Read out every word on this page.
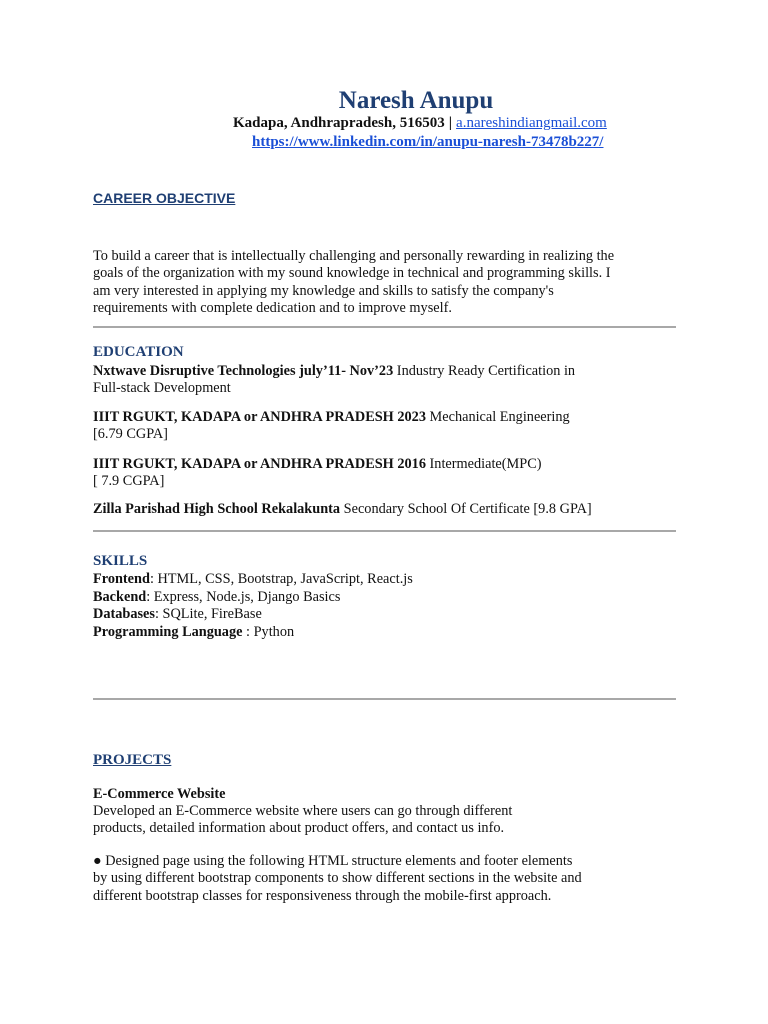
Naresh Anupu
Kadapa, Andhrapradesh, 516503 | a.nareshindiangmail.com
https://www.linkedin.com/in/anupu-naresh-73478b227/
CAREER OBJECTIVE
To build a career that is intellectually challenging and personally rewarding in realizing the
goals of the organization with my sound knowledge in technical and programming skills. I
am very interested in applying my knowledge and skills to satisfy the company's
requirements with complete dedication and to improve myself.
EDUCATION
Nxtwave Disruptive Technologies july’11- Nov’23 Industry Ready Certification in
Full-stack Development
IIIT RGUKT, KADAPA or ANDHRA PRADESH 2023 Mechanical Engineering
[6.79 CGPA]
IIIT RGUKT, KADAPA or ANDHRA PRADESH 2016 Intermediate(MPC)
[ 7.9 CGPA]
Zilla Parishad High School Rekalakunta Secondary School Of Certificate [9.8 GPA]
SKILLS
Frontend: HTML, CSS, Bootstrap, JavaScript, React.js
Backend: Express, Node.js, Django Basics
Databases: SQLite, FireBase
Programming Language : Python
PROJECTS
E-Commerce Website
Developed an E-Commerce website where users can go through different
products, detailed information about product offers, and contact us info.
● Designed page using the following HTML structure elements and footer elements
by using different bootstrap components to show different sections in the website and
different bootstrap classes for responsiveness through the mobile-first approach.
